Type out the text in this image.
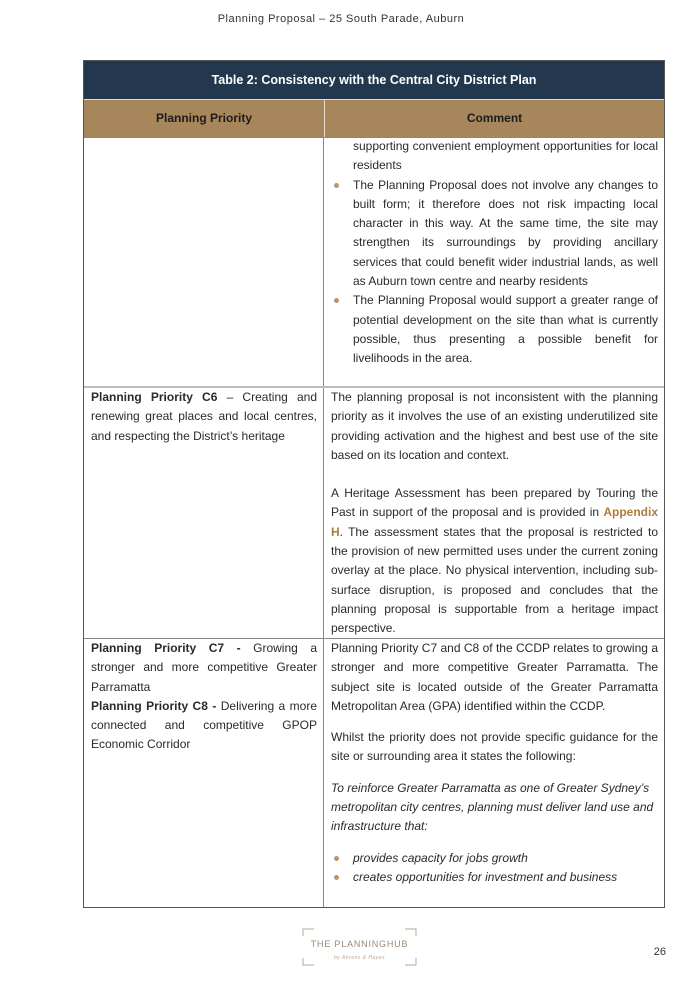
Planning Proposal – 25 South Parade, Auburn
Table 2: Consistency with the Central City District Plan
Planning Priority	Comment
supporting convenient employment opportunities for local residents
The Planning Proposal does not involve any changes to built form; it therefore does not risk impacting local character in this way. At the same time, the site may strengthen its surroundings by providing ancillary services that could benefit wider industrial lands, as well as Auburn town centre and nearby residents
The Planning Proposal would support a greater range of potential development on the site than what is currently possible, thus presenting a possible benefit for livelihoods in the area.
Planning Priority C6 – Creating and renewing great places and local centres, and respecting the District’s heritage

The planning proposal is not inconsistent with the planning priority as it involves the use of an existing underutilized site providing activation and the highest and best use of the site based on its location and context.

A Heritage Assessment has been prepared by Touring the Past in support of the proposal and is provided in Appendix H. The assessment states that the proposal is restricted to the provision of new permitted uses under the current zoning overlay at the place. No physical intervention, including sub-surface disruption, is proposed and concludes that the planning proposal is supportable from a heritage impact perspective.

Planning Priority C7 - Growing a stronger and more competitive Greater Parramatta

Planning Priority C8 - Delivering a more connected and competitive GPOP Economic Corridor

Planning Priority C7 and C8 of the CCDP relates to growing a stronger and more competitive Greater Parramatta. The subject site is located outside of the Greater Parramatta Metropolitan Area (GPA) identified within the CCDP.

Whilst the priority does not provide specific guidance for the site or surrounding area it states the following:

To reinforce Greater Parramatta as one of Greater Sydney’s metropolitan city centres, planning must deliver land use and infrastructure that:

provides capacity for jobs growth
creates opportunities for investment and business
THE PLANNINGHUB
by Ahrens & Hayes	26
